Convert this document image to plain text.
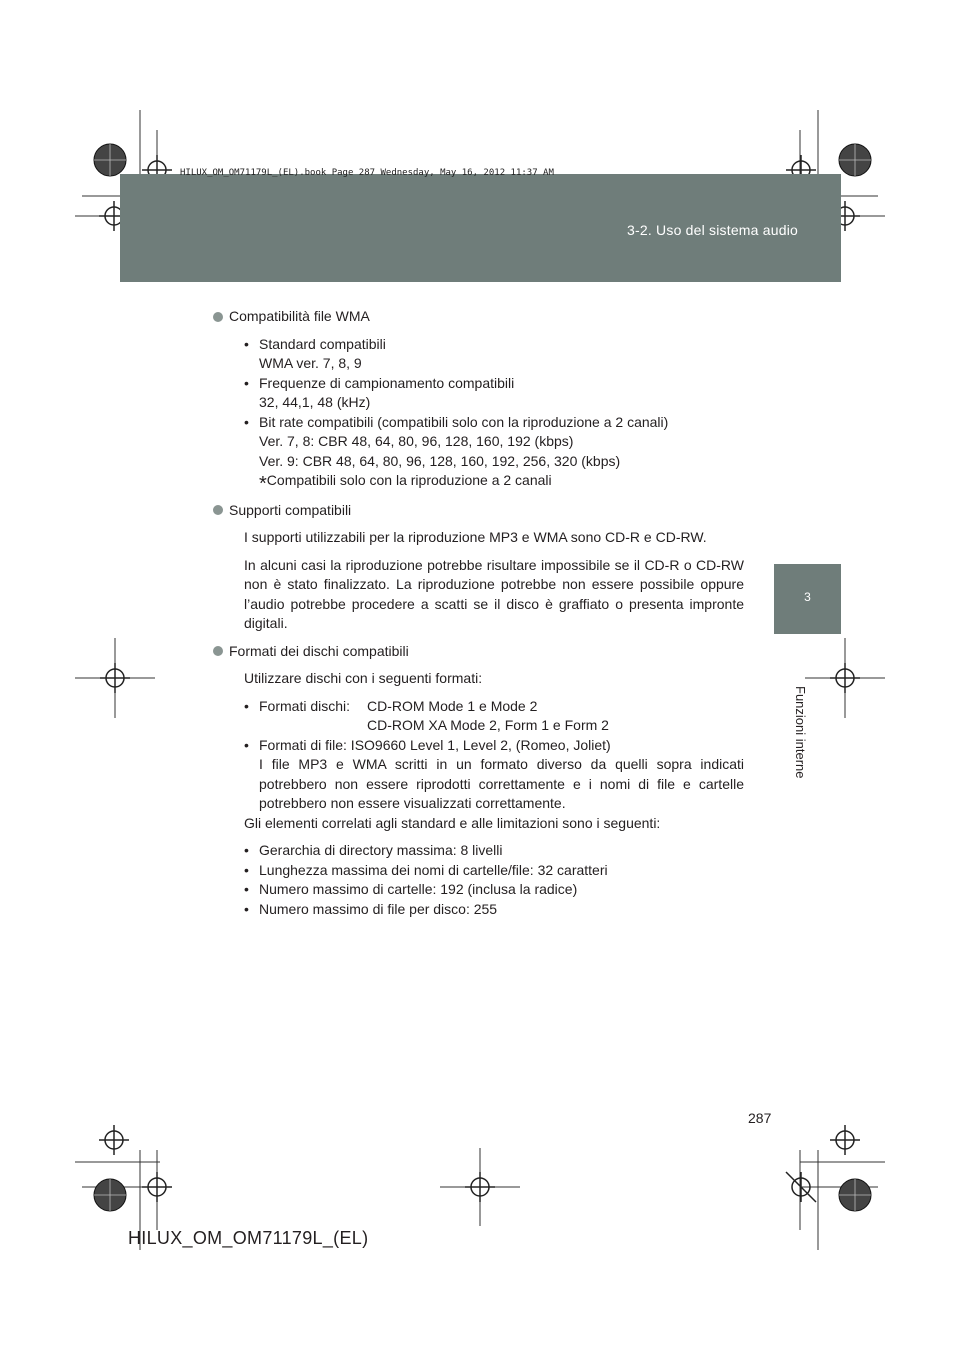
HILUX_OM_OM71179L_(EL).book Page 287 Wednesday, May 16, 2012 11:37 AM
3-2. Uso del sistema audio
3
Funzioni interne
Compatibilità file WMA
• Standard compatibili
WMA ver. 7, 8, 9
• Frequenze di campionamento compatibili
32, 44,1, 48 (kHz)
• Bit rate compatibili (compatibili solo con la riproduzione a 2 canali)
Ver. 7, 8: CBR 48, 64, 80, 96, 128, 160, 192 (kbps)
Ver. 9: CBR 48, 64, 80, 96, 128, 160, 192, 256, 320 (kbps)
*Compatibili solo con la riproduzione a 2 canali
Supporti compatibili
I supporti utilizzabili per la riproduzione MP3 e WMA sono CD-R e CD-RW.
In alcuni casi la riproduzione potrebbe risultare impossibile se il CD-R o CD-RW non è stato finalizzato. La riproduzione potrebbe non essere possibile oppure l’audio potrebbe procedere a scatti se il disco è graffiato o presenta impronte digitali.
Formati dei dischi compatibili
Utilizzare dischi con i seguenti formati:
• Formati dischi:	CD-ROM Mode 1 e Mode 2
CD-ROM XA Mode 2, Form 1 e Form 2
• Formati di file: ISO9660 Level 1, Level 2, (Romeo, Joliet)

I file MP3 e WMA scritti in un formato diverso da quelli sopra indicati potrebbero non essere riprodotti correttamente e i nomi di file e cartelle potrebbero non essere visualizzati correttamente.
Gli elementi correlati agli standard e alle limitazioni sono i seguenti:
• Gerarchia di directory massima: 8 livelli
• Lunghezza massima dei nomi di cartelle/file: 32 caratteri
• Numero massimo di cartelle: 192 (inclusa la radice)
• Numero massimo di file per disco: 255
287
HILUX_OM_OM71179L_(EL)
